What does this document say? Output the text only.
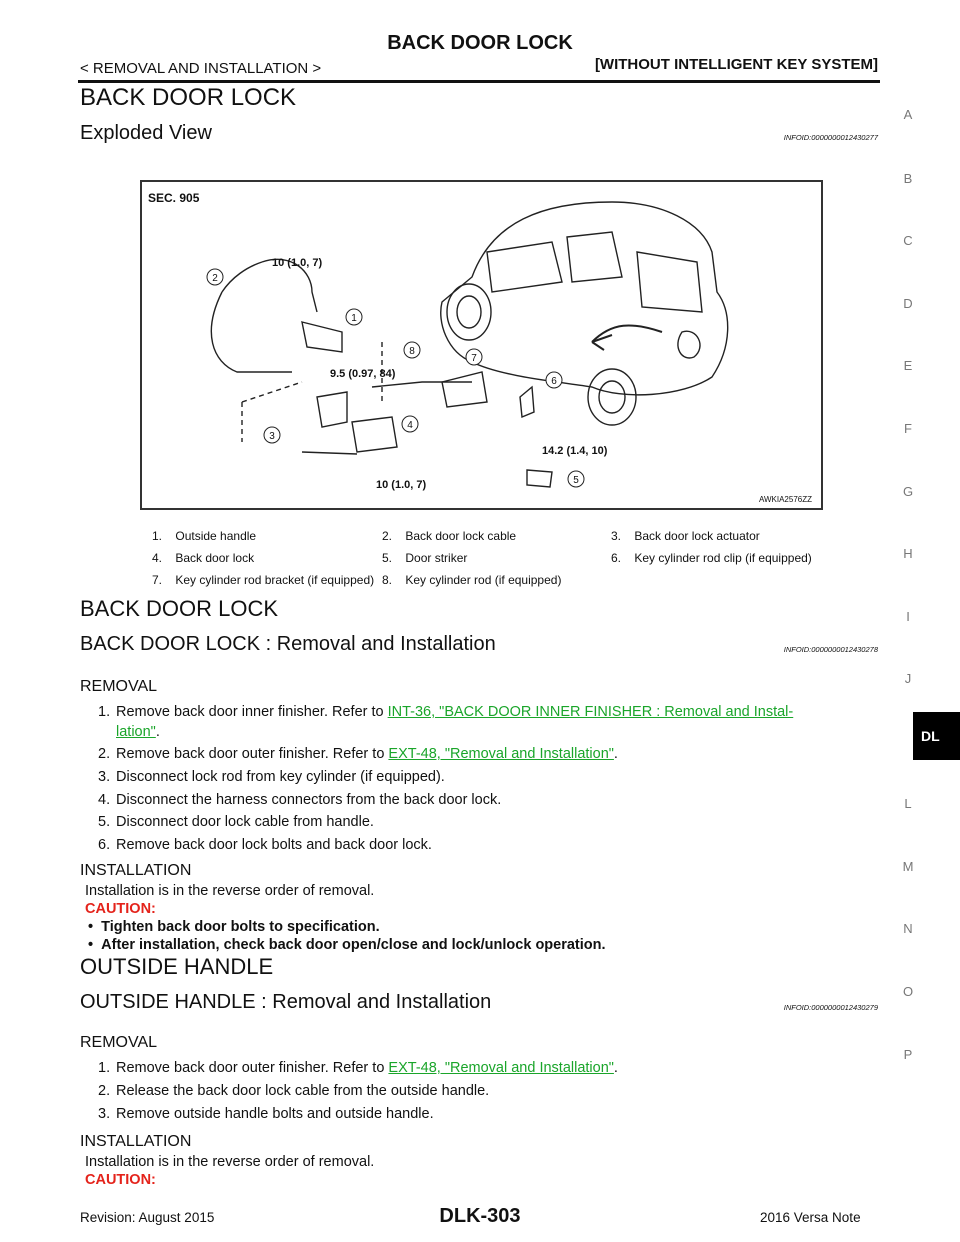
BACK DOOR LOCK
< REMOVAL AND INSTALLATION >	[WITHOUT INTELLIGENT KEY SYSTEM]
BACK DOOR LOCK
Exploded View	INFOID:0000000012430277
SEC. 905
10 (1.0, 7)
9.5 (0.97, 84)
14.2 (1.4, 10)
10 (1.0, 7)
1
2
3
4
5
6
7
8
AWKIA2576ZZ
1. Outside handle	2. Back door lock cable	3. Back door lock actuator
4. Back door lock	5. Door striker	6. Key cylinder rod clip (if equipped)
7. Key cylinder rod bracket (if equipped) 8. Key cylinder rod (if equipped)
BACK DOOR LOCK
BACK DOOR LOCK : Removal and Installation	INFOID:0000000012430278
REMOVAL
1. Remove back door inner finisher. Refer to INT-36, "BACK DOOR INNER FINISHER : Removal and Instal-
lation".
2. Remove back door outer finisher. Refer to EXT-48, "Removal and Installation".
3. Disconnect lock rod from key cylinder (if equipped).
4. Disconnect the harness connectors from the back door lock.
5. Disconnect door lock cable from handle.
6. Remove back door lock bolts and back door lock.
INSTALLATION
Installation is in the reverse order of removal.
CAUTION:
•  Tighten back door bolts to specification.
•  After installation, check back door open/close and lock/unlock operation.
OUTSIDE HANDLE
OUTSIDE HANDLE : Removal and Installation	INFOID:0000000012430279
REMOVAL
1. Remove back door outer finisher. Refer to EXT-48, "Removal and Installation".
2. Release the back door lock cable from the outside handle.
3. Remove outside handle bolts and outside handle.
INSTALLATION
Installation is in the reverse order of removal.
CAUTION:
A
B
C
D
E
F
G
H
I
J
DL
L
M
N
O
P
Revision: August 2015	DLK-303	2016 Versa Note
